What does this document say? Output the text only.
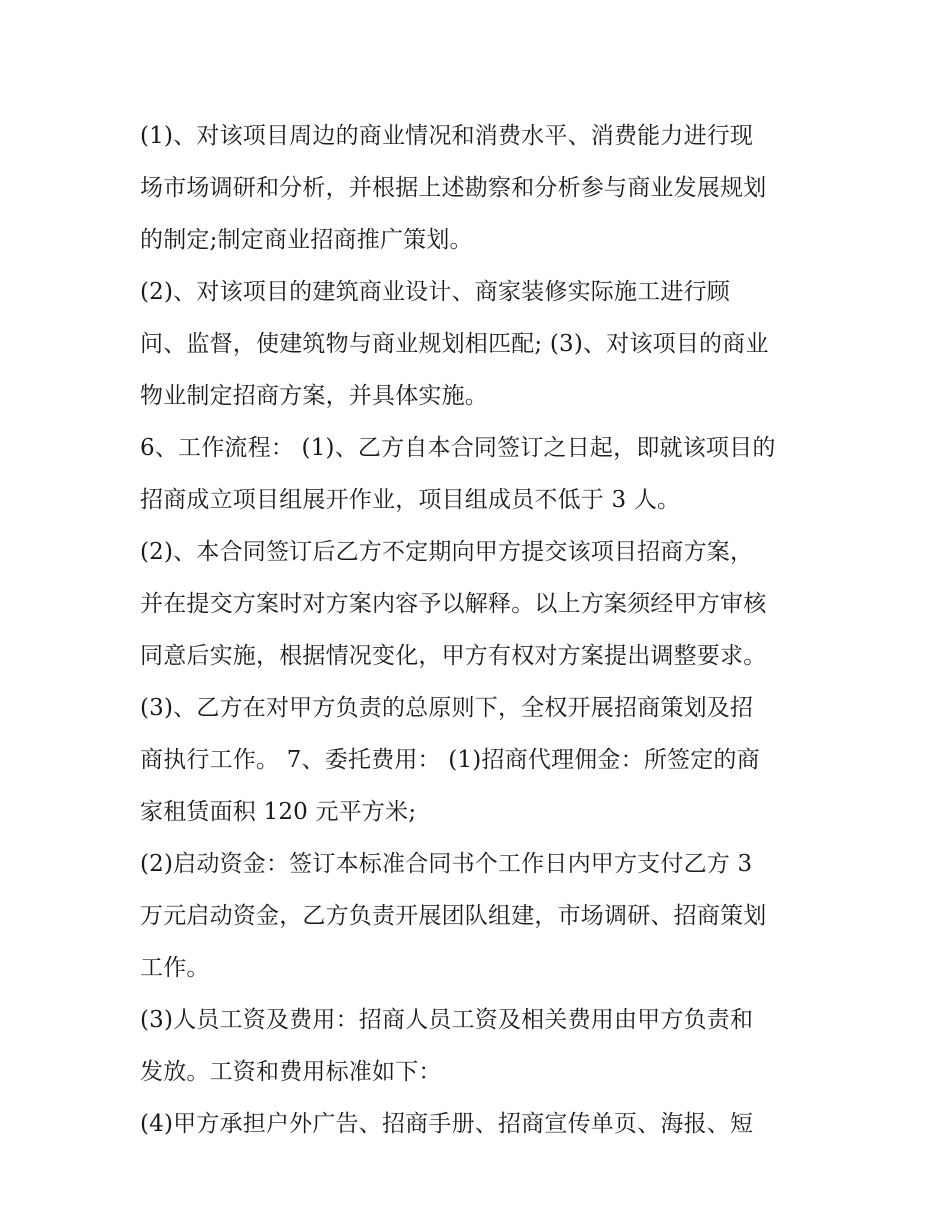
(1)、对该项目周边的商业情况和消费水平、消费能力进行现
场市场调研和分析，并根据上述勘察和分析参与商业发展规划
的制定;制定商业招商推广策划。
(2)、对该项目的建筑商业设计、商家装修实际施工进行顾
问、监督，使建筑物与商业规划相匹配; (3)、对该项目的商业
物业制定招商方案，并具体实施。
6、工作流程： (1)、乙方自本合同签订之日起，即就该项目的
招商成立项目组展开作业，项目组成员不低于 3 人。
(2)、本合同签订后乙方不定期向甲方提交该项目招商方案，
并在提交方案时对方案内容予以解释。以上方案须经甲方审核
同意后实施，根据情况变化，甲方有权对方案提出调整要求。
(3)、乙方在对甲方负责的总原则下，全权开展招商策划及招
商执行工作。 7、委托费用： (1)招商代理佣金：所签定的商
家租赁面积 120 元平方米;
(2)启动资金：签订本标准合同书个工作日内甲方支付乙方 3
万元启动资金，乙方负责开展团队组建，市场调研、招商策划
工作。
(3)人员工资及费用：招商人员工资及相关费用由甲方负责和
发放。工资和费用标准如下：
(4)甲方承担户外广告、招商手册、招商宣传单页、海报、短
